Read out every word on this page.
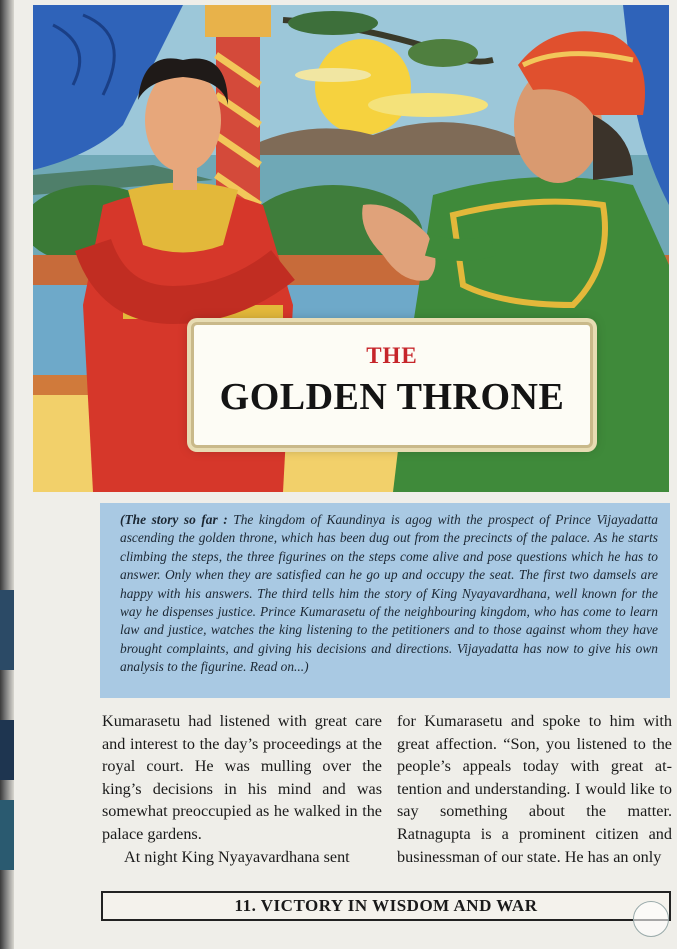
THE
GOLDEN THRONE
(The story so far : The kingdom of Kaundinya is agog with the prospect of Prince Vijayadatta ascending the golden throne, which has been dug out from the precincts of the palace. As he starts climbing the steps, the three figurines on the steps come alive and pose questions which he has to answer. Only when they are satisfied can he go up and occupy the seat. The first two damsels are happy with his answers. The third tells him the story of King Nyayavardhana, well known for the way he dispenses justice. Prince Kumarasetu of the neighbouring kingdom, who has come to learn law and justice, watches the king listening to the petitioners and to those against whom they have brought complaints, and giving his decisions and directions. Vijayadatta has now to give his own analysis to the figurine. Read on...)

Kumarasetu had listened with great care and interest to the day’s proceedings at the royal court. He was mulling over the king’s decisions in his mind and was somewhat preoccupied as he walked in the palace gardens.

At night King Nyayavardhana sent

for Kumarasetu and spoke to him with great affection. “Son, you listened to the people’s appeals today with great at-tention and understanding. I would like to say something about the matter. Ratnagupta is a prominent citizen and businessman of our state. He has an only

11. VICTORY IN WISDOM AND WAR
